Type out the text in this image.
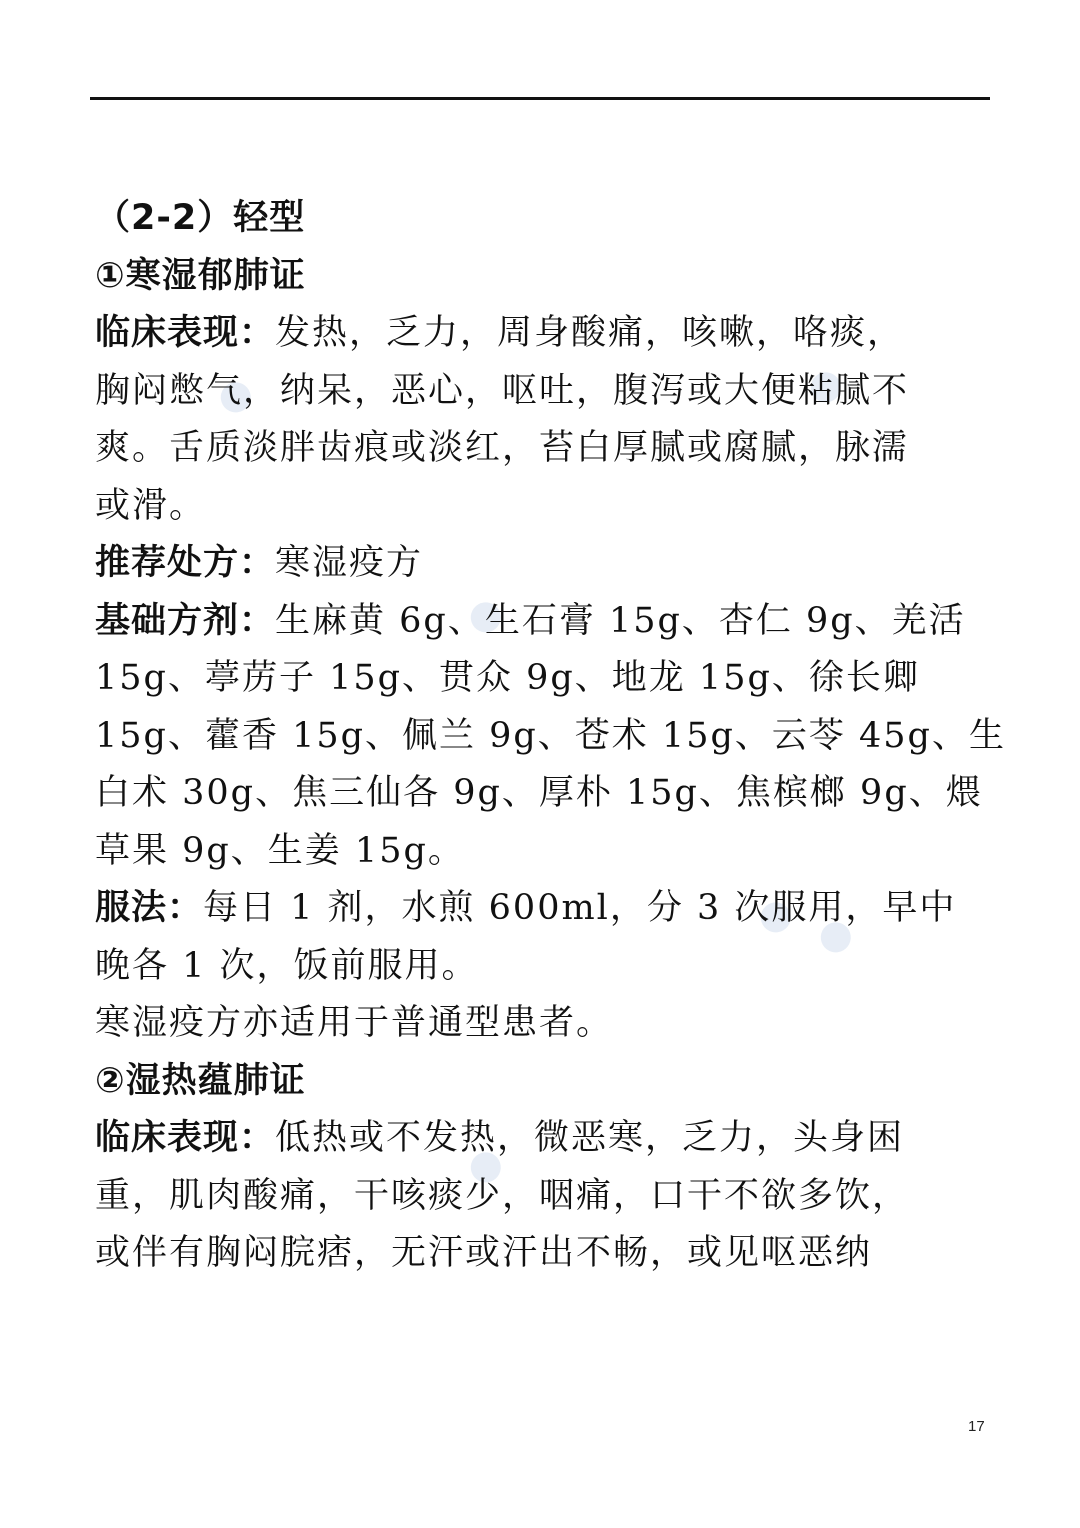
（2-2）轻型
①寒湿郁肺证
临床表现：发热，乏力，周身酸痛，咳嗽，咯痰，
胸闷憋气，纳呆，恶心，呕吐，腹泻或大便粘腻不
爽。舌质淡胖齿痕或淡红，苔白厚腻或腐腻，脉濡
或滑。
推荐处方：寒湿疫方
基础方剂：生麻黄 6g、生石膏 15g、杏仁 9g、羌活
15g、葶苈子 15g、贯众 9g、地龙 15g、徐长卿
15g、藿香 15g、佩兰 9g、苍术 15g、云苓 45g、生
白术 30g、焦三仙各 9g、厚朴 15g、焦槟榔 9g、煨
草果 9g、生姜 15g。
服法：每日 1 剂，水煎 600ml，分 3 次服用，早中
晚各 1 次，饭前服用。
寒湿疫方亦适用于普通型患者。
②湿热蕴肺证
临床表现：低热或不发热，微恶寒，乏力，头身困
重，肌肉酸痛，干咳痰少，咽痛，口干不欲多饮，
或伴有胸闷脘痞，无汗或汗出不畅，或见呕恶纳
17
